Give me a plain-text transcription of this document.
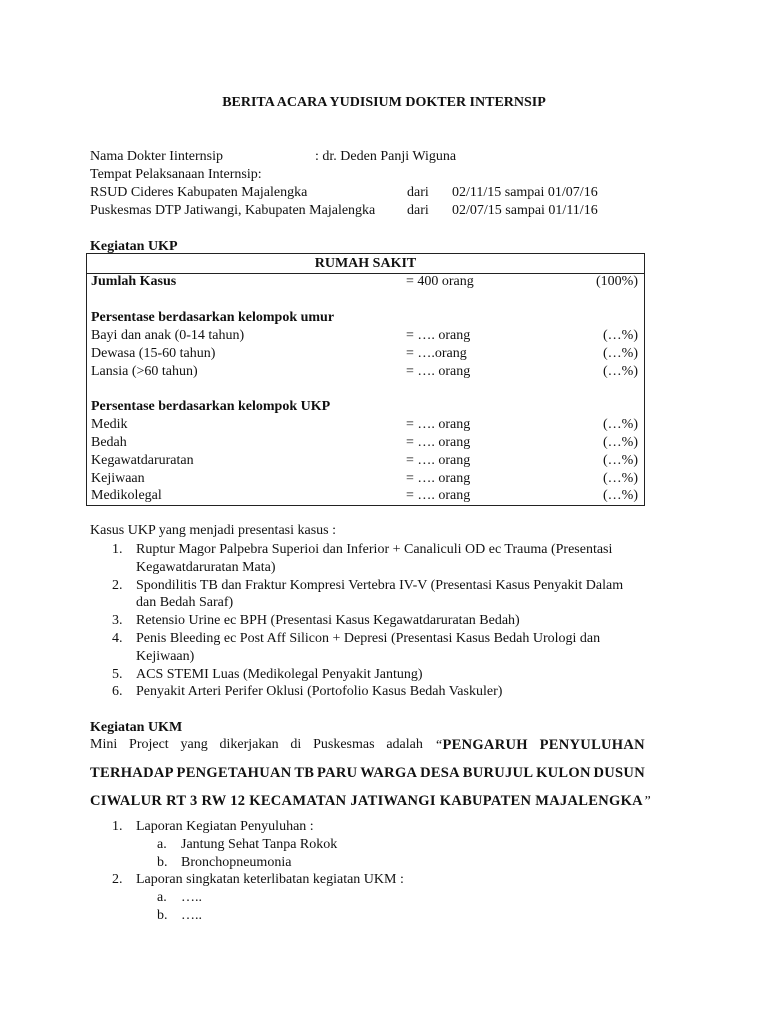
BERITA ACARA YUDISIUM DOKTER INTERNSIP
Nama Dokter Iinternsip	: dr. Deden Panji Wiguna
Tempat Pelaksanaan Internsip:
RSUD Cideres Kabupaten Majalengka	dari 02/11/15 sampai 01/07/16
Puskesmas DTP Jatiwangi, Kabupaten Majalengka dari 02/07/15 sampai 01/11/16
Kegiatan UKP
RUMAH SAKIT
Jumlah Kasus	= 400 orang	(100%)
Persentase berdasarkan kelompok umur
Bayi dan anak (0-14 tahun)	= …. orang	(…%)
Dewasa (15-60 tahun)	= ….orang	(…%)
Lansia (>60 tahun)	= …. orang	(…%)
Persentase berdasarkan kelompok UKP
Medik	= …. orang	(…%)
Bedah	= …. orang	(…%)
Kegawatdaruratan	= …. orang	(…%)
Kejiwaan	= …. orang	(…%)
Medikolegal	= …. orang	(…%)
Kasus UKP yang menjadi presentasi kasus :
1. Ruptur Magor Palpebra Superioi dan Inferior + Canaliculi OD ec Trauma (Presentasi
Kegawatdaruratan Mata)
2. Spondilitis TB dan Fraktur Kompresi Vertebra IV-V (Presentasi Kasus Penyakit Dalam
dan Bedah Saraf)
3. Retensio Urine ec BPH (Presentasi Kasus Kegawatdaruratan Bedah)
4. Penis Bleeding ec Post Aff Silicon + Depresi (Presentasi Kasus Bedah Urologi dan
Kejiwaan)
5. ACS STEMI Luas (Medikolegal Penyakit Jantung)
6. Penyakit Arteri Perifer Oklusi (Portofolio Kasus Bedah Vaskuler)
Kegiatan UKM
Mini Project yang dikerjakan di Puskesmas adalah “PENGARUH PENYULUHAN
TERHADAP PENGETAHUAN TB PARU WARGA DESA BURUJUL KULON DUSUN
CIWALUR RT 3 RW 12 KECAMATAN JATIWANGI KABUPATEN MAJALENGKA”
1. Laporan Kegiatan Penyuluhan :
a. Jantung Sehat Tanpa Rokok
b. Bronchopneumonia
2. Laporan singkatan keterlibatan kegiatan UKM :
a. …..
b. …..
